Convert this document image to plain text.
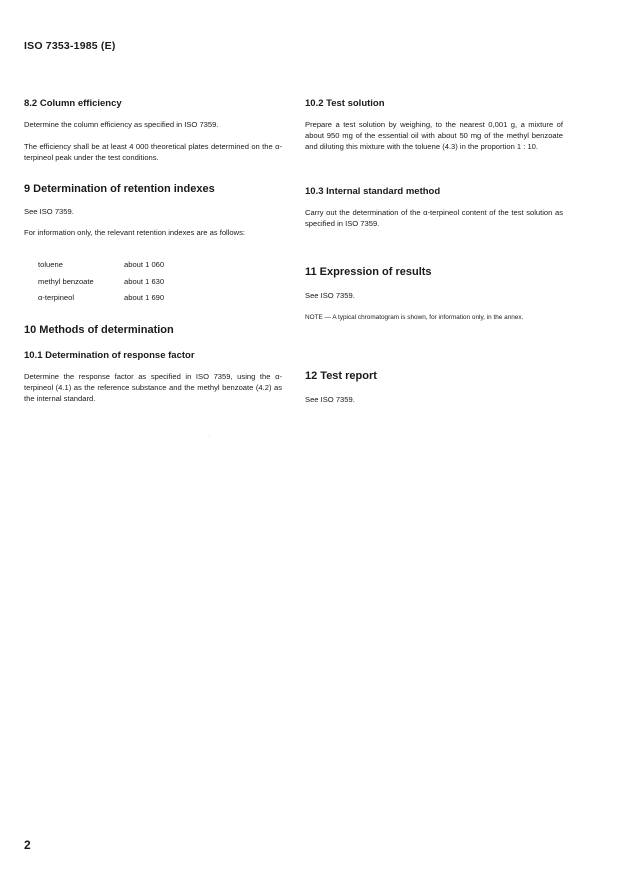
ISO 7353-1985 (E)
8.2 Column efficiency

Determine the column efficiency as specified in ISO 7359.

The efficiency shall be at least 4 000 theoretical plates determined on the α-terpineol peak under the test conditions.

9 Determination of retention indexes

See ISO 7359.

For information only, the relevant retention indexes are as follows:

toluene	about 1 060
methyl benzoate	about 1 630
α-terpineol	about 1 690
10 Methods of determination
10.1 Determination of response factor

Determine the response factor as specified in ISO 7359, using the α-terpineol (4.1) as the reference substance and the methyl benzoate (4.2) as the internal standard.

10.2 Test solution

Prepare a test solution by weighing, to the nearest 0,001 g, a mixture of about 950 mg of the essential oil with about 50 mg of the methyl benzoate and diluting this mixture with the toluene (4.3) in the proportion 1 : 10.

10.3 Internal standard method

Carry out the determination of the α-terpineol content of the test solution as specified in ISO 7359.

11 Expression of results

See ISO 7359.

NOTE — A typical chromatogram is shown, for information only, in the annex.

12 Test report

See ISO 7359.

·
2
